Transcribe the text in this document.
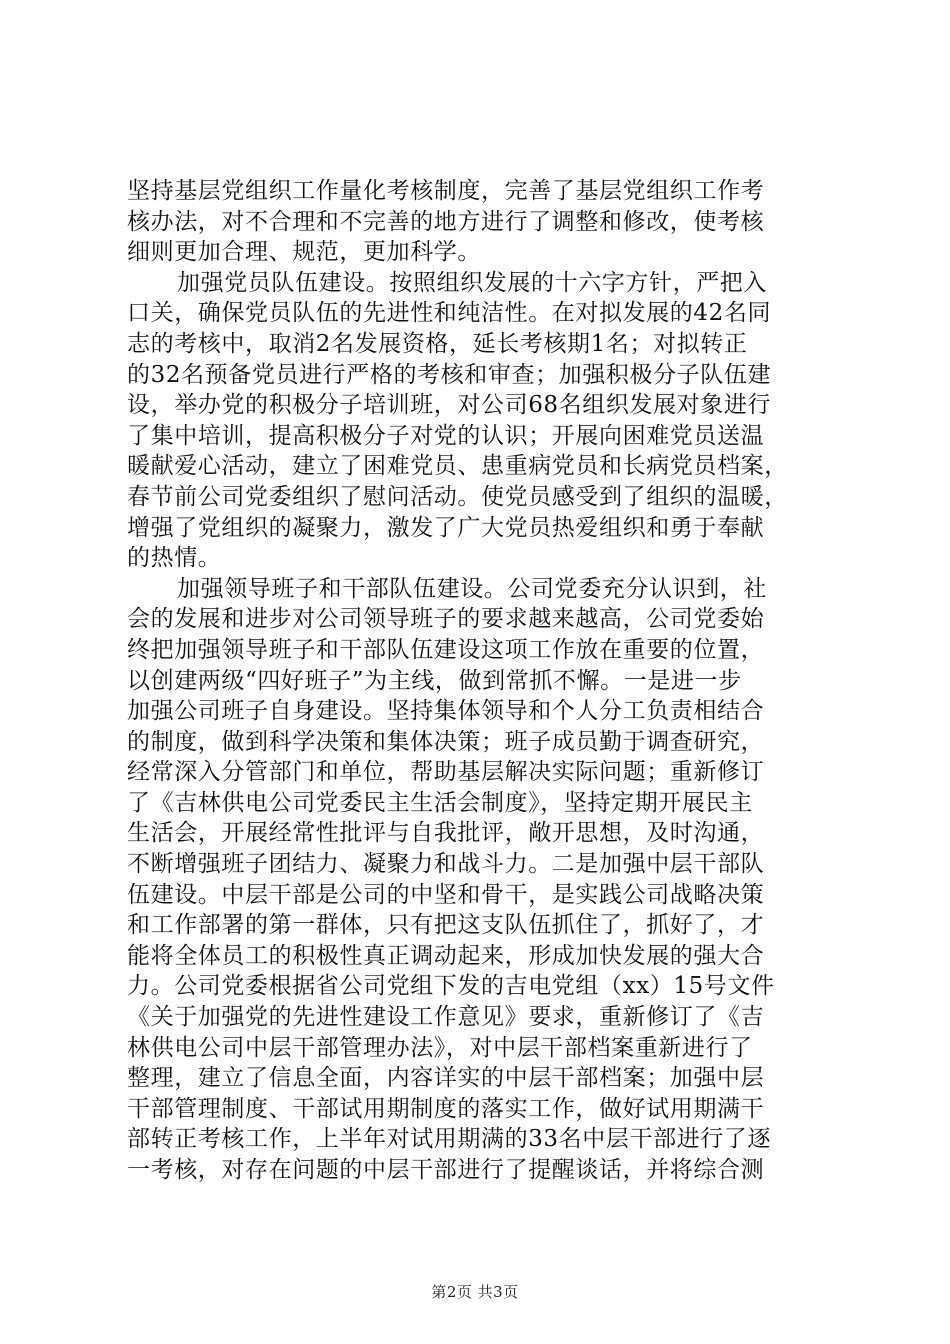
坚持基层党组织工作量化考核制度，完善了基层党组织工作考
核办法，对不合理和不完善的地方进行了调整和修改，使考核
细则更加合理、规范，更加科学。
加强党员队伍建设。按照组织发展的十六字方针，严把入
口关，确保党员队伍的先进性和纯洁性。在对拟发展的42名同
志的考核中，取消2名发展资格，延长考核期1名；对拟转正
的32名预备党员进行严格的考核和审查；加强积极分子队伍建
设，举办党的积极分子培训班，对公司68名组织发展对象进行
了集中培训，提高积极分子对党的认识；开展向困难党员送温
暖献爱心活动，建立了困难党员、患重病党员和长病党员档案，
春节前公司党委组织了慰问活动。使党员感受到了组织的温暖，
增强了党组织的凝聚力，激发了广大党员热爱组织和勇于奉献
的热情。
加强领导班子和干部队伍建设。公司党委充分认识到，社
会的发展和进步对公司领导班子的要求越来越高，公司党委始
终把加强领导班子和干部队伍建设这项工作放在重要的位置，
以创建两级“四好班子”为主线，做到常抓不懈。一是进一步
加强公司班子自身建设。坚持集体领导和个人分工负责相结合
的制度，做到科学决策和集体决策；班子成员勤于调查研究，
经常深入分管部门和单位，帮助基层解决实际问题；重新修订
了《吉林供电公司党委民主生活会制度》，坚持定期开展民主
生活会，开展经常性批评与自我批评，敞开思想，及时沟通，
不断增强班子团结力、凝聚力和战斗力。二是加强中层干部队
伍建设。中层干部是公司的中坚和骨干，是实践公司战略决策
和工作部署的第一群体，只有把这支队伍抓住了，抓好了，才
能将全体员工的积极性真正调动起来，形成加快发展的强大合
力。公司党委根据省公司党组下发的吉电党组（xx）15号文件
《关于加强党的先进性建设工作意见》要求，重新修订了《吉
林供电公司中层干部管理办法》，对中层干部档案重新进行了
整理，建立了信息全面，内容详实的中层干部档案；加强中层
干部管理制度、干部试用期制度的落实工作，做好试用期满干
部转正考核工作，上半年对试用期满的33名中层干部进行了逐
一考核，对存在问题的中层干部进行了提醒谈话，并将综合测
第2页 共3页
